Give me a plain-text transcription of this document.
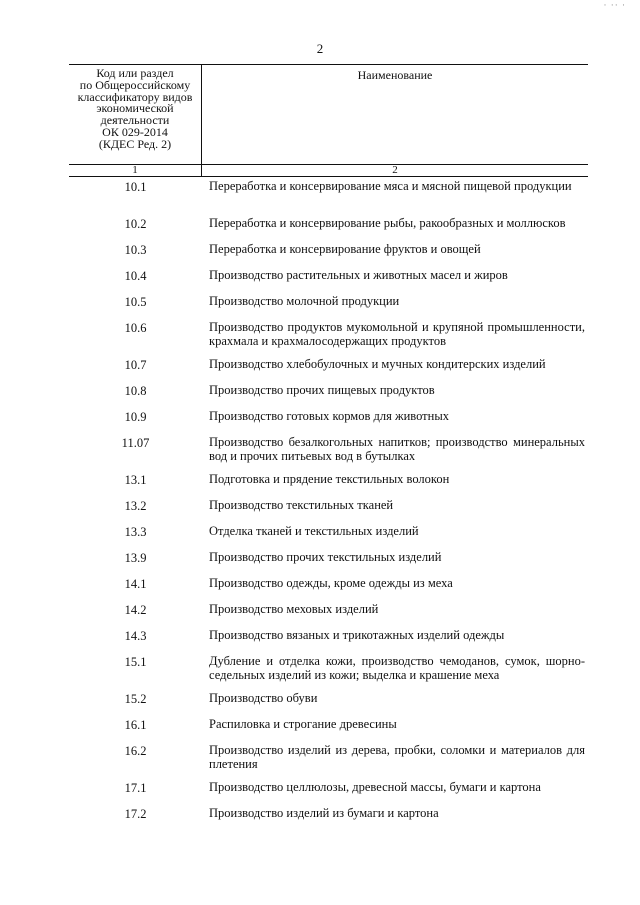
· ·· ·
2
Код или раздел
по Общероссийскому
классификатору видов
экономической
деятельности
ОК 029-2014
(КДЕС Ред. 2)
Наименование
1	2
10.1	Переработка и консервирование мяса и мясной пищевой продукции
10.2	Переработка и консервирование рыбы, ракообразных и моллюсков
10.3	Переработка и консервирование фруктов и овощей
10.4	Производство растительных и животных масел и жиров
10.5	Производство молочной продукции
10.6	Производство продуктов мукомольной и крупяной промышленности, крахмала и крахмалосодержащих продуктов
10.7	Производство хлебобулочных и мучных кондитерских изделий
10.8	Производство прочих пищевых продуктов
10.9	Производство готовых кормов для животных
11.07	Производство безалкогольных напитков; производство минеральных вод и прочих питьевых вод в бутылках
13.1	Подготовка и прядение текстильных волокон
13.2	Производство текстильных тканей
13.3	Отделка тканей и текстильных изделий
13.9	Производство прочих текстильных изделий
14.1	Производство одежды, кроме одежды из меха
14.2	Производство меховых изделий
14.3	Производство вязаных и трикотажных изделий одежды
15.1	Дубление и отделка кожи, производство чемоданов, сумок, шорно-седельных изделий из кожи; выделка и крашение меха
15.2	Производство обуви
16.1	Распиловка и строгание древесины
16.2	Производство изделий из дерева, пробки, соломки и материалов для плетения
17.1	Производство целлюлозы, древесной массы, бумаги и картона
17.2	Производство изделий из бумаги и картона
